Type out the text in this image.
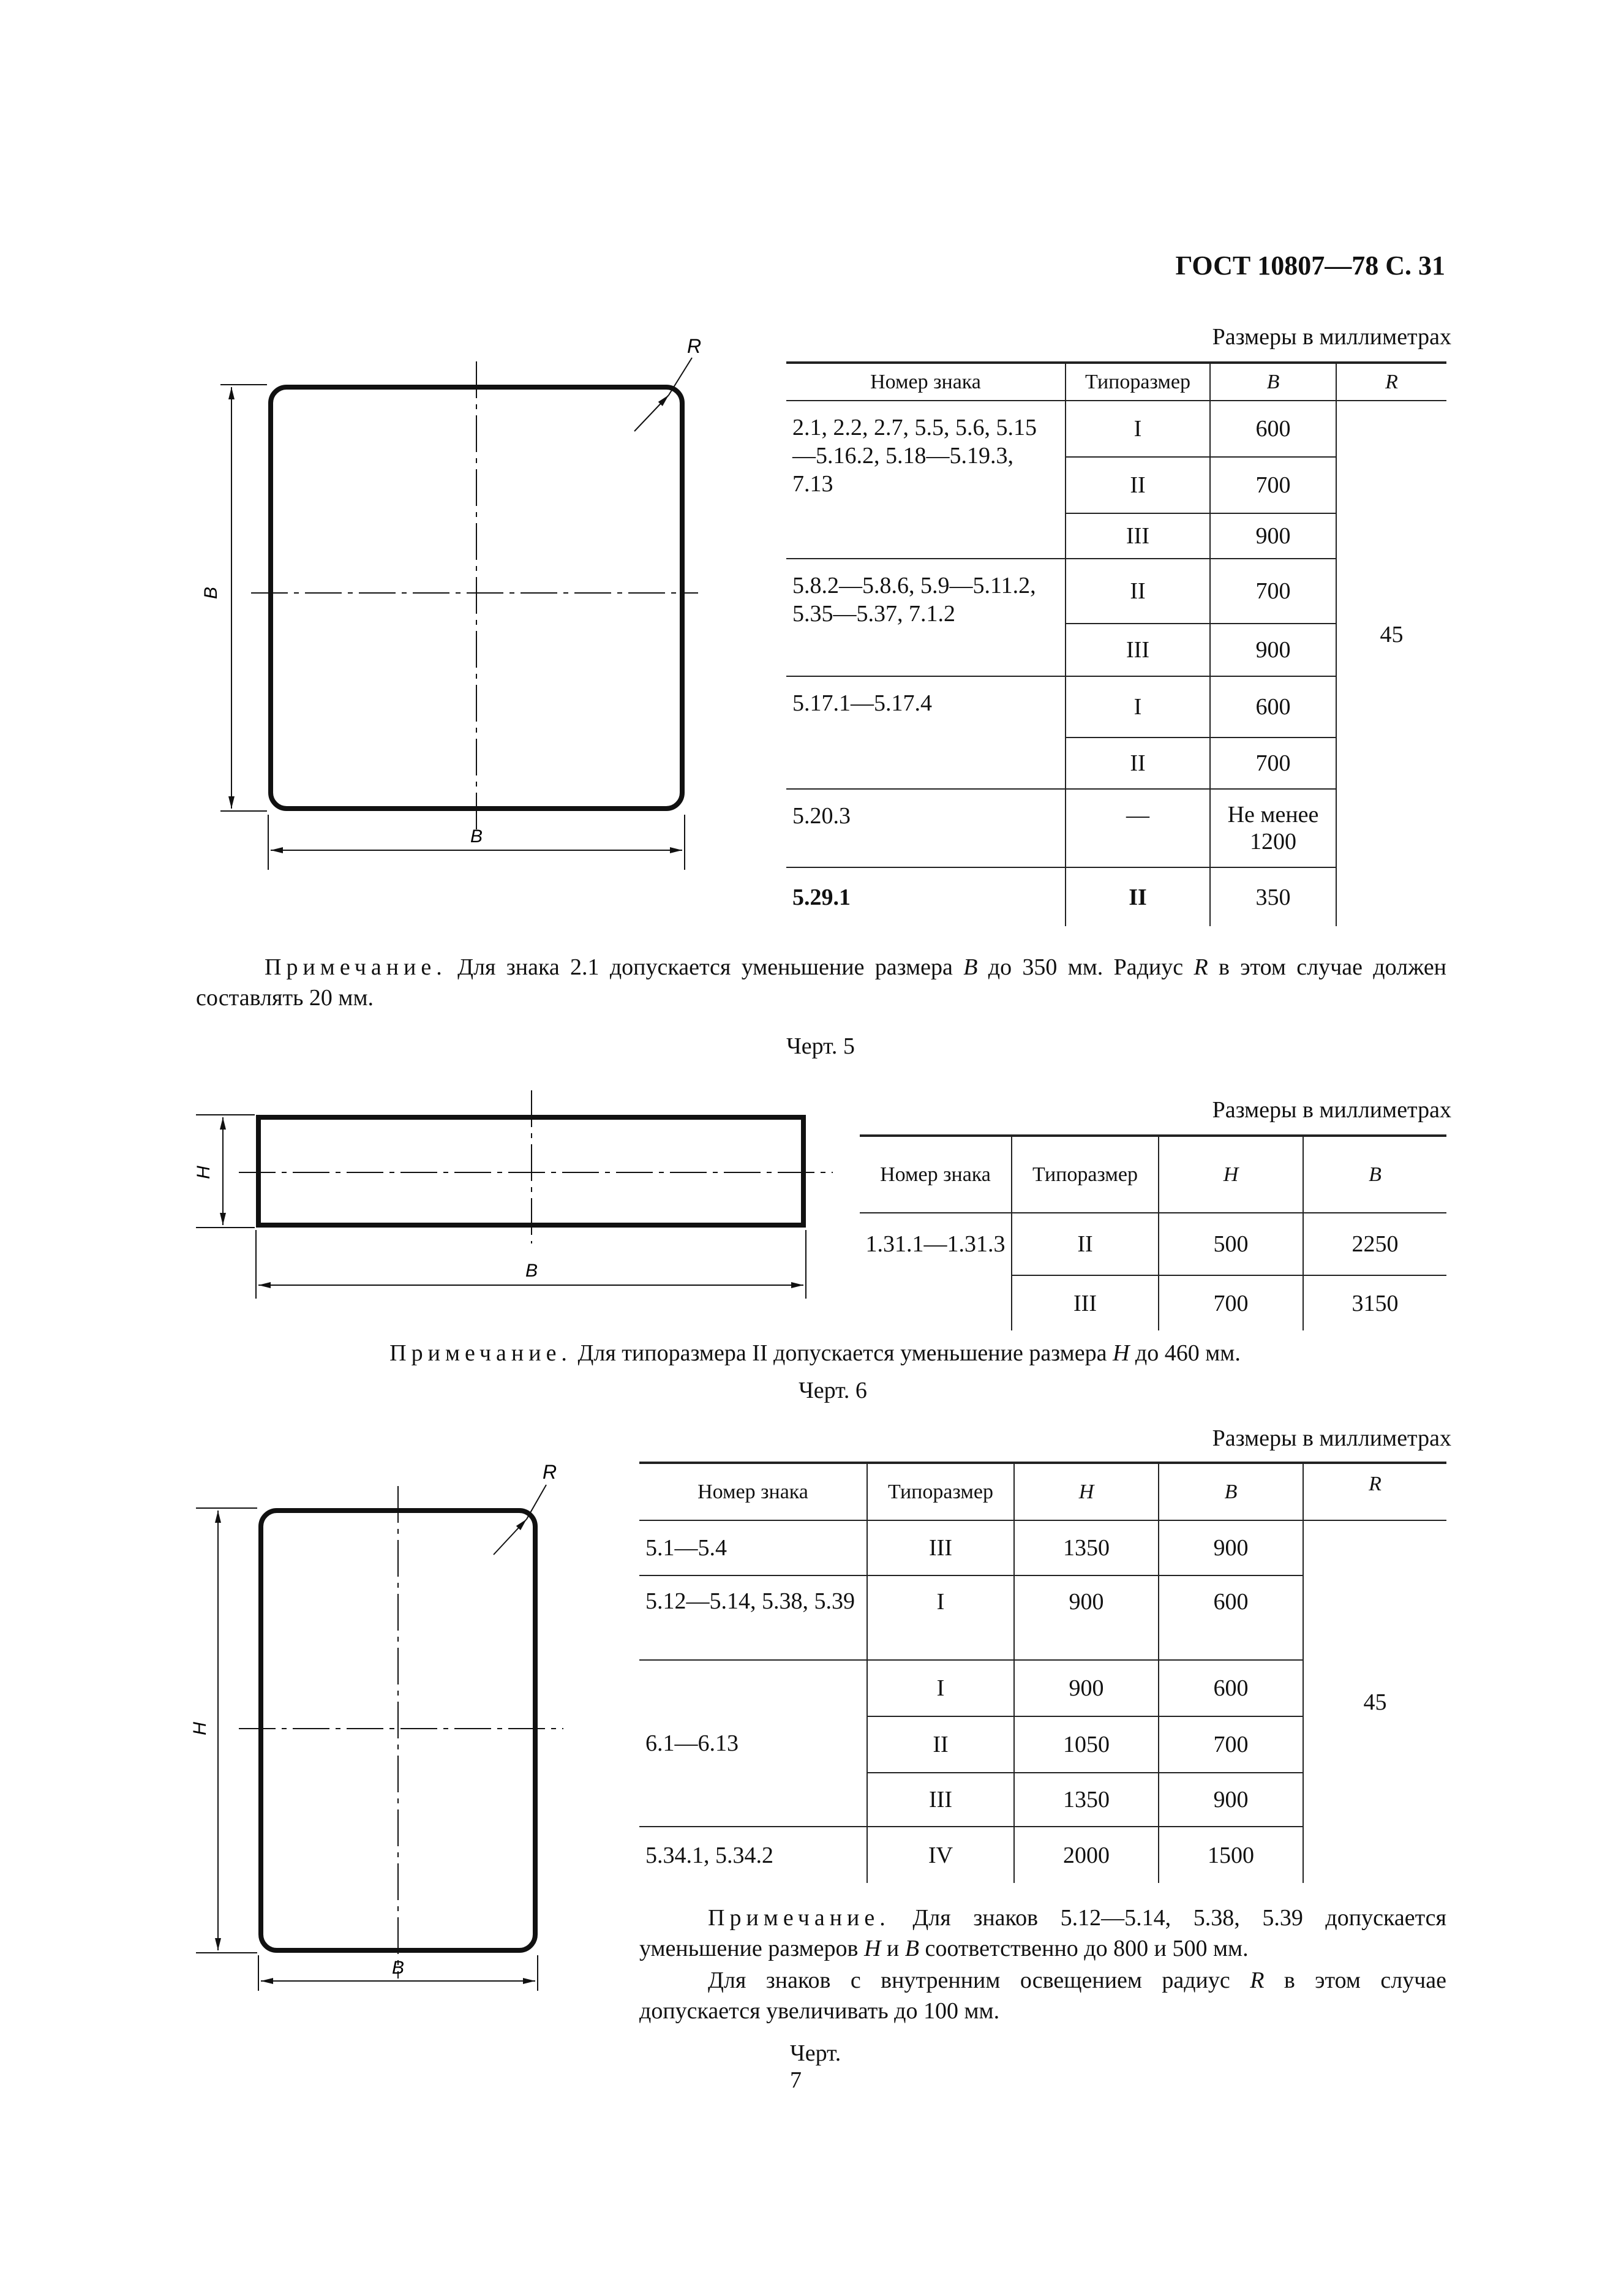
ГОСТ 10807—78 С. 31
B
B
R	Размеры в миллиметрах
Номер знака	Типоразмер	B	R
2.1, 2.2, 2.7, 5.5, 5.6, 5.15—5.16.2, 5.18—5.19.3, 7.13	I	600	45
	II	700	
	III	900	
5.8.2—5.8.6, 5.9—5.11.2, 5.35—5.37, 7.1.2	II	700	
	III	900	
5.17.1—5.17.4	I	600	
	II	700	
5.20.3	—	Не менее 1200	
5.29.1	II	350	
Примечание. Для знака 2.1 допускается уменьшение размера B до 350 мм. Радиус R в этом случае должен составлять 20 мм.
Черт. 5
H
B
Размеры в миллиметрах
Номер знака	Типоразмер	H	B
1.31.1—1.31.3	II	500	2250
	III	700	3150
Примечание. Для типоразмера II допускается уменьшение размера H до 460 мм.
Черт. 6
H
B
R
Размеры в миллиметрах
Номер знака	Типоразмер	H	B	R
5.1—5.4	III	1350	900	45
5.12—5.14, 5.38, 5.39	I	900	600	
6.1—6.13	I	900	600	
	II	1050	700	
	III	1350	900	
5.34.1, 5.34.2	IV	2000	1500	
Примечание. Для знаков 5.12—5.14, 5.38, 5.39 допускается уменьшение размеров H и B соответственно до 800 и 500 мм.
Для знаков с внутренним освещением радиус R в этом случае допускается увеличивать до 100 мм.
Черт. 7
